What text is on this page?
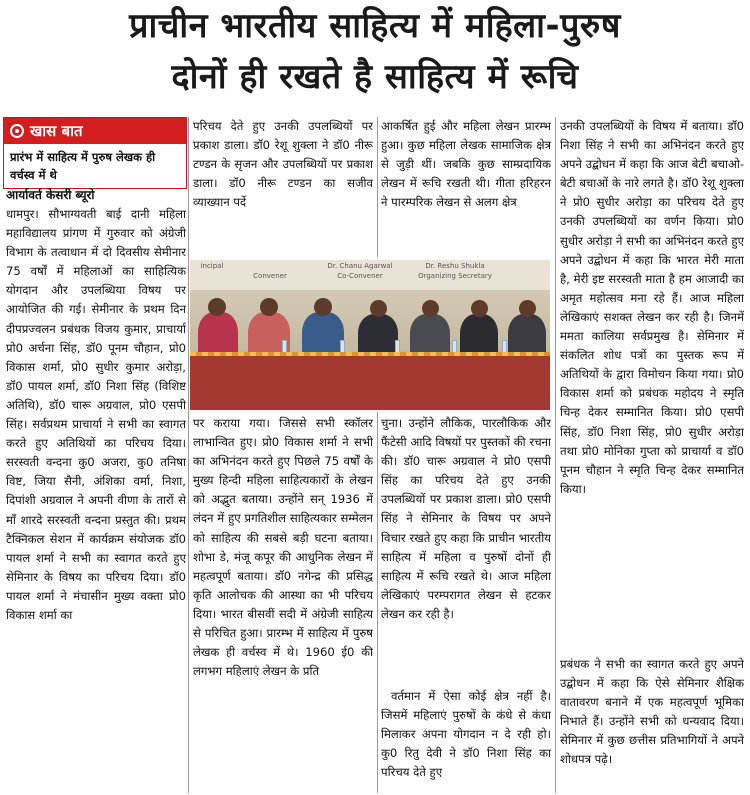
प्राचीन भारतीय साहित्य में महिला-पुरुष
दोनों ही रखते है साहित्य में रूचि
खास बात
प्रारंभ में साहित्य में पुरुष लेखक ही वर्चस्व में थे
आर्यावर्त केसरी ब्यूरो

धामपुर। सौभाग्यवती बाई दानी महिला महाविद्यालय प्रांगण में गुरुवार को अंग्रेजी विभाग के तत्वाधान में दो दिवसीय सेमीनार 75 वर्षों में महिलाओं का साहित्यिक योगदान और उपलब्धिया विषय पर आयोजित की गई। सेमीनार के प्रथम दिन दीपप्रज्वलन प्रबंधक विजय कुमार, प्राचार्या प्रो0 अर्चना सिंह, डॉ0 पूनम चौहान, प्रो0 विकास शर्मा, प्रो0 सुधीर कुमार अरोड़ा, डॉ0 पायल शर्मा, डॉ0 निशा सिंह (विशिष्ट अतिथि), डॉ0 चारू अग्रवाल, प्रो0 एसपी सिंह। सर्वप्रथम प्राचार्या ने सभी का स्वागत करते हुए अतिथियों का परिचय दिया। सरस्वती वन्दना कु0 अजरा, कु0 तनिषा विष्ट, जिया सैनी, अंशिका वर्मा, निशा, दिपांशी अग्रवाल ने अपनी वीणा के तारों से माँ शारदे सरस्वती वन्दना प्रस्तुत की। प्रथम टैक्निकल सेशन में कार्यक्रम संयोजक डॉ0 पायल शर्मा ने सभी का स्वागत करते हुए सेमिनार के विषय का परिचय दिया। डॉ0 पायल शर्मा ने मंचासीन मुख्य वक्ता प्रो0 विकास शर्मा का

परिचय देते हुए उनकी उपलब्धियों पर प्रकाश डाला। डॉ0 रेशू शुक्ला ने डॉ0 नीरू टण्डन के सृजन और उपलब्धियों पर प्रकाश डाला। डॉ0 नीरू टण्डन का सजीव व्याख्यान पर्दे

आकर्षित हुई और महिला लेखन प्रारम्भ हुआ। कुछ महिला लेखक सामाजिक क्षेत्र से जुड़ी थीं। जबकि कुछ साम्प्रदायिक लेखन में रूचि रखती थी। गीता हरिहरन ने पारम्परिक लेखन से अलग क्षेत्र

incipal
Convener
Dr. Chanu Agarwal
Co-Convener
Dr. Reshu Shukla
Organizing Secretary

पर कराया गया। जिससे सभी स्कॉलर लाभान्वित हुए। प्रो0 विकास शर्मा ने सभी का अभिनंदन करते हुए पिछले 75 वर्षों के मुख्य हिन्दी महिला साहित्यकारों के लेखन को अद्भुत बताया। उन्होंने सन् 1936 में लंदन में हुए प्रगतिशील साहित्यकार सम्मेलन को साहित्य की सबसे बड़ी घटना बताया। शोभा डे, मंजू कपूर की आधुनिक लेखन में महत्वपूर्ण बताया। डॉ0 नगेन्द्र की प्रसिद्ध कृति आलोचक की आस्था का भी परिचय दिया। भारत बीसवीं सदी में अंग्रेजी साहित्य से परिचित हुआ। प्रारम्भ में साहित्य में पुरुष लेखक ही वर्चस्व में थे। 1960 ई0 की लगभग महिलाएं लेखन के प्रति

चुना। उन्होंने लौकिक, पारलौकिक और फैंटेसी आदि विषयों पर पुस्तकों की रचना की। डॉ0 चारू अग्रवाल ने प्रो0 एसपी सिंह का परिचय देते हुए उनकी उपलब्धियों पर प्रकाश डाला। प्रो0 एसपी सिंह ने सेमिनार के विषय पर अपने विचार रखते हुए कहा कि प्राचीन भारतीय साहित्य में महिला व पुरुषों दोनों ही साहित्य में रूचि रखते थे। आज महिला लेखिकाएं परम्परागत लेखन से हटकर लेखन कर रही है।

वर्तमान में ऐसा कोई क्षेत्र नहीं है। जिसमें महिलाएं पुरुषों के कंधे से कंधा मिलाकर अपना योगदान न दे रही हो। कु0 रितु देवी ने डॉ0 निशा सिंह का परिचय देते हुए

उनकी उपलब्धियों के विषय में बताया। डॉ0 निशा सिंह ने सभी का अभिनंदन करते हुए अपने उद्बोधन में कहा कि आज बेटी बचाओ-बेटी बचाओं के नारे लगते है। डॉ0 रेशू शुक्ला ने प्रो0 सुधीर अरोड़ा का परिचय देते हुए उनकी उपलब्धियों का वर्णन किया। प्रो0 सुधीर अरोड़ा ने सभी का अभिनंदन करते हुए अपने उद्बोधन में कहा कि भारत मेरी माता है, मेरी इष्ट सरस्वती माता है हम आजादी का अमृत महोत्सव मना रहे हैं। आज महिला लेखिकाएं सशक्त लेखन कर रही है। जिनमें ममता कालिया सर्वप्रमुख है। सेमिनार में संकलित शोध पत्रों का पुस्तक रूप में अतिथियों के द्वारा विमोचन किया गया। प्रो0 विकास शर्मा को प्रबंधक महोदय ने स्मृति चिन्ह देकर सम्मानित किया। प्रो0 एसपी सिंह, डॉ0 निशा सिंह, प्रो0 सुधीर अरोड़ा तथा प्रो0 मोनिका गुप्ता को प्राचार्या व डॉ0 पूनम चौहान ने स्मृति चिन्ह देकर सम्मानित किया।

प्रबंधक ने सभी का स्वागत करते हुए अपने उद्बोधन में कहा कि ऐसे सेमिनार शैक्षिक वातावरण बनाने में एक महत्वपूर्ण भूमिका निभाते हैं। उन्होंने सभी को धन्यवाद दिया। सेमिनार में कुछ छत्तीस प्रतिभागियों ने अपने शोधपत्र पढ़े।
